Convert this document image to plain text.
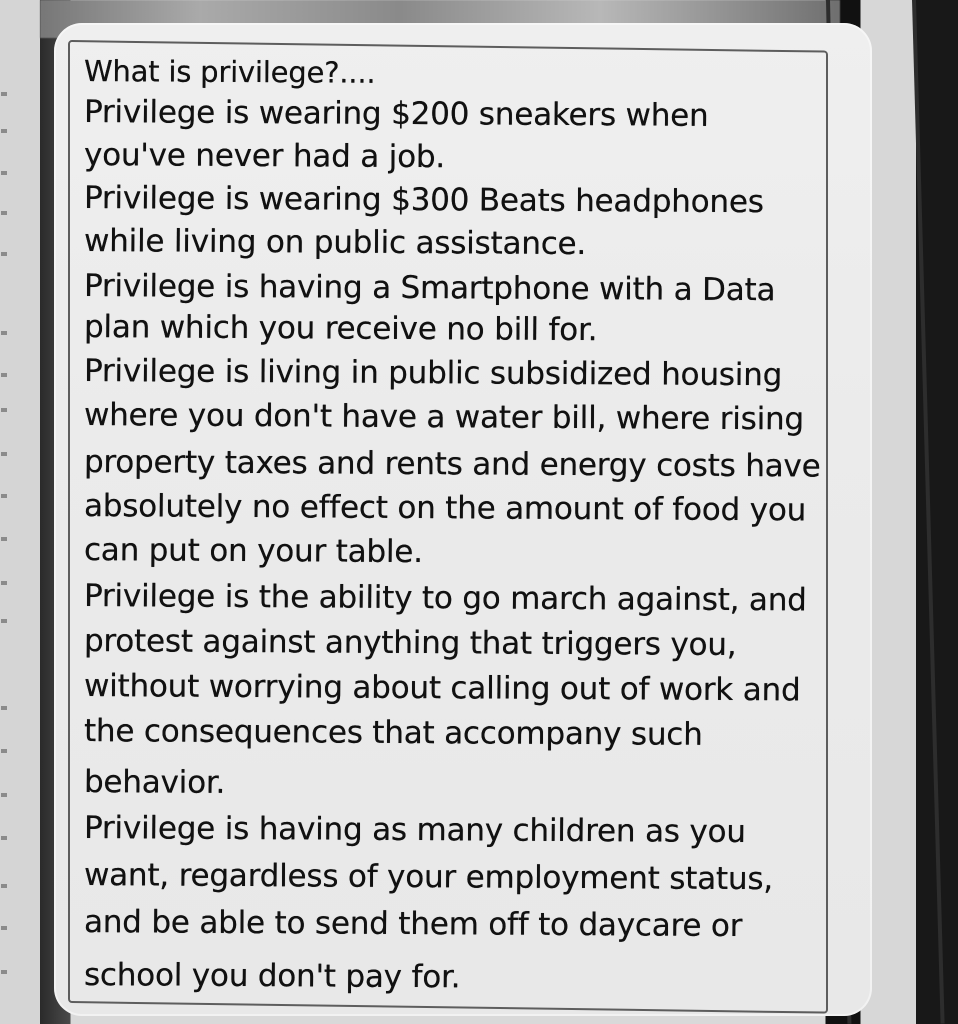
What is privilege?....
Privilege is wearing $200 sneakers when
you've never had a job.
Privilege is wearing $300 Beats headphones
while living on public assistance.
Privilege is having a Smartphone with a Data
plan which you receive no bill for.
Privilege is living in public subsidized housing
where you don't have a water bill, where rising
property taxes and rents and energy costs have
absolutely no effect on the amount of food you
can put on your table.
Privilege is the ability to go march against, and
protest against anything that triggers you,
without worrying about calling out of work and
the consequences that accompany such
behavior.
Privilege is having as many children as you
want, regardless of your employment status,
and be able to send them off to daycare or
school you don't pay for.
